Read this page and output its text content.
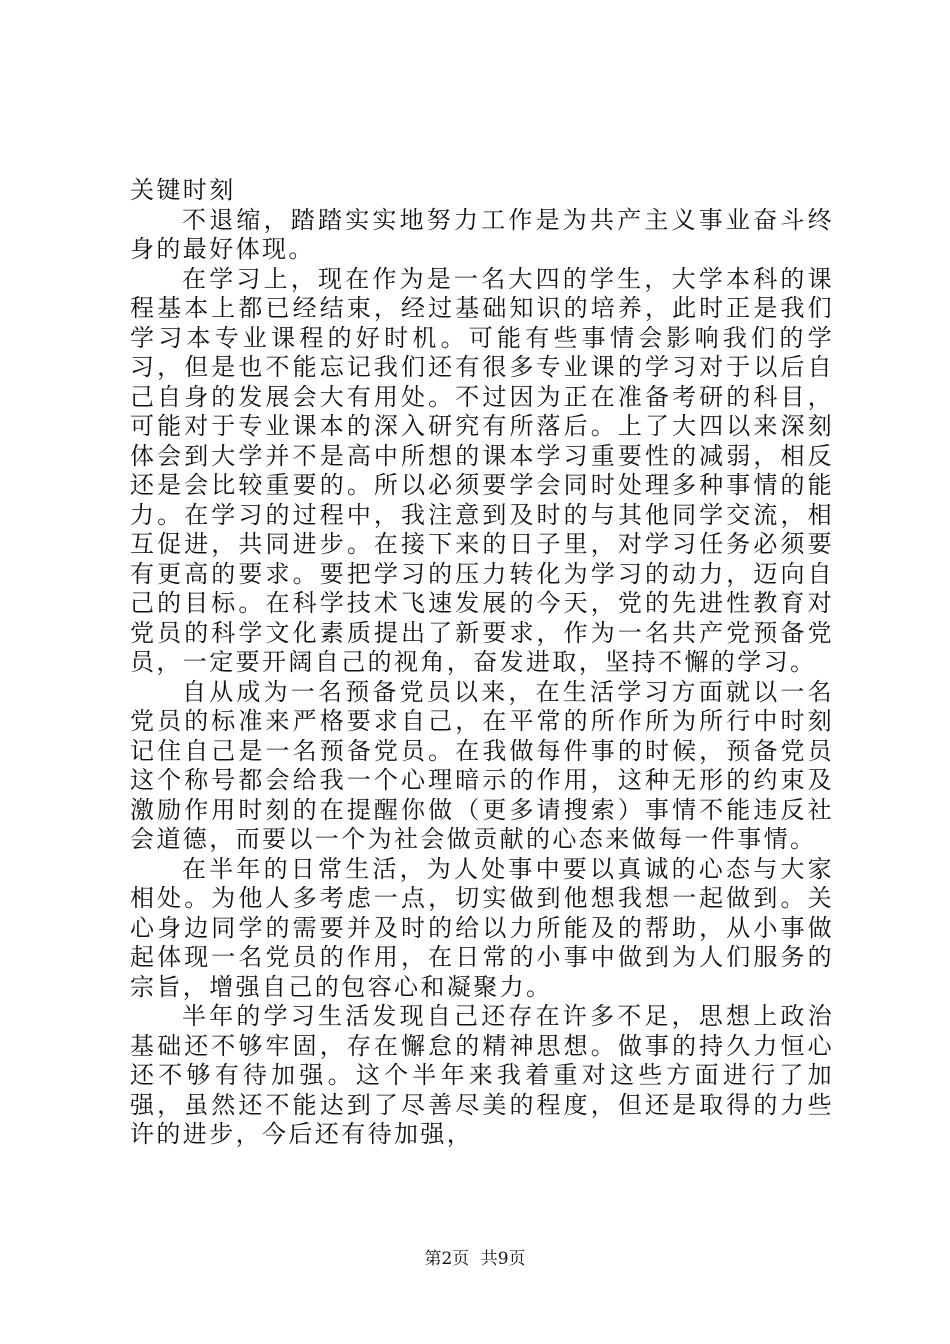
关键时刻

不退缩，踏踏实实地努力工作是为共产主义事业奋斗终身的最好体现。

在学习上，现在作为是一名大四的学生，大学本科的课程基本上都已经结束，经过基础知识的培养，此时正是我们学习本专业课程的好时机。可能有些事情会影响我们的学习，但是也不能忘记我们还有很多专业课的学习对于以后自己自身的发展会大有用处。不过因为正在准备考研的科目，可能对于专业课本的深入研究有所落后。上了大四以来深刻体会到大学并不是高中所想的课本学习重要性的减弱，相反还是会比较重要的。所以必须要学会同时处理多种事情的能力。在学习的过程中，我注意到及时的与其他同学交流，相互促进，共同进步。在接下来的日子里，对学习任务必须要有更高的要求。要把学习的压力转化为学习的动力，迈向自己的目标。在科学技术飞速发展的今天，党的先进性教育对党员的科学文化素质提出了新要求，作为一名共产党预备党员，一定要开阔自己的视角，奋发进取，坚持不懈的学习。

自从成为一名预备党员以来，在生活学习方面就以一名党员的标准来严格要求自己，在平常的所作所为所行中时刻记住自己是一名预备党员。在我做每件事的时候，预备党员这个称号都会给我一个心理暗示的作用，这种无形的约束及激励作用时刻的在提醒你做（更多请搜索）事情不能违反社会道德，而要以一个为社会做贡献的心态来做每一件事情。

在半年的日常生活，为人处事中要以真诚的心态与大家相处。为他人多考虑一点，切实做到他想我想一起做到。关心身边同学的需要并及时的给以力所能及的帮助，从小事做起体现一名党员的作用，在日常的小事中做到为人们服务的宗旨，增强自己的包容心和凝聚力。

半年的学习生活发现自己还存在许多不足，思想上政治基础还不够牢固，存在懈怠的精神思想。做事的持久力恒心还不够有待加强。这个半年来我着重对这些方面进行了加强，虽然还不能达到了尽善尽美的程度，但还是取得的力些许的进步，今后还有待加强，

第2页 共9页
